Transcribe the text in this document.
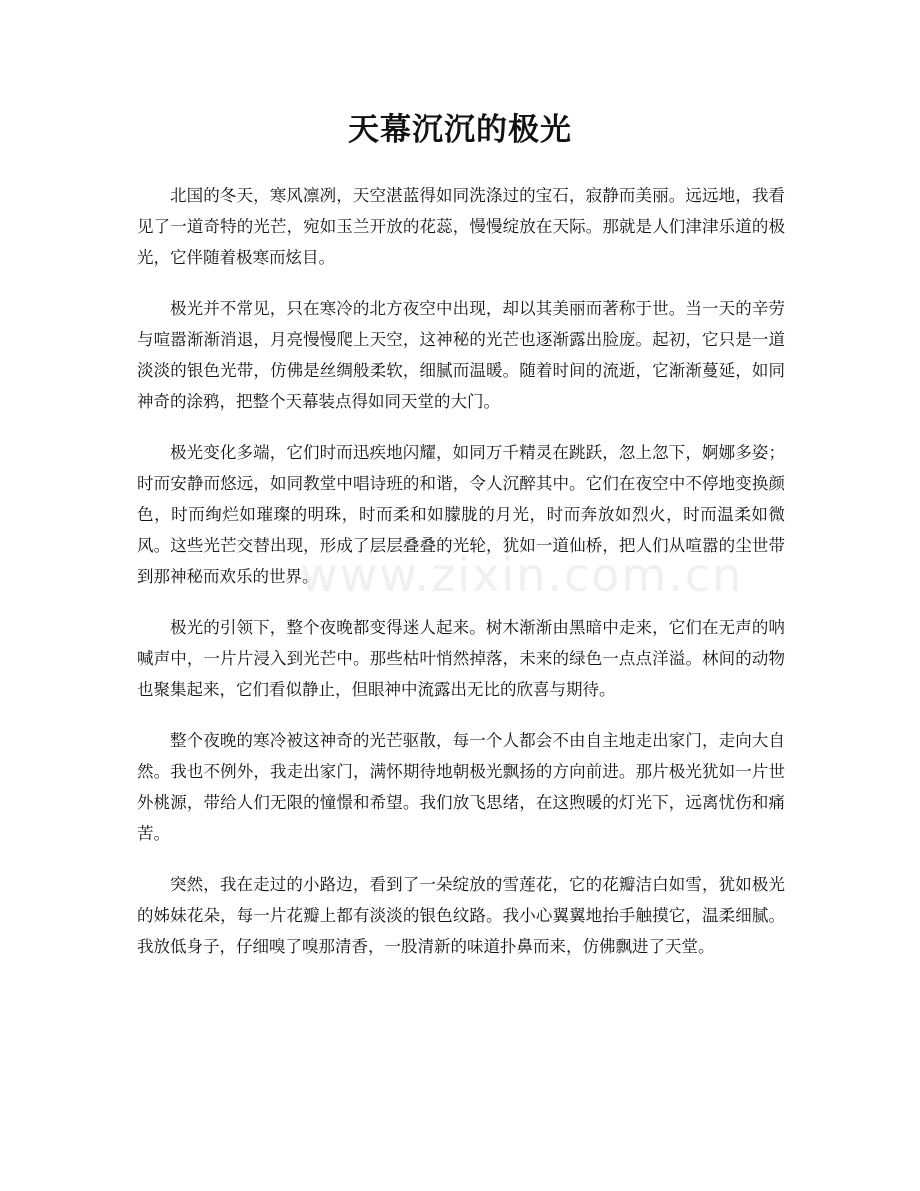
天幕沉沉的极光

北国的冬天，寒风凛冽，天空湛蓝得如同洗涤过的宝石，寂静而美丽。远远地，我看见了一道奇特的光芒，宛如玉兰开放的花蕊，慢慢绽放在天际。那就是人们津津乐道的极光，它伴随着极寒而炫目。

极光并不常见，只在寒冷的北方夜空中出现，却以其美丽而著称于世。当一天的辛劳与喧嚣渐渐消退，月亮慢慢爬上天空，这神秘的光芒也逐渐露出脸庞。起初，它只是一道淡淡的银色光带，仿佛是丝绸般柔软，细腻而温暖。随着时间的流逝，它渐渐蔓延，如同神奇的涂鸦，把整个天幕装点得如同天堂的大门。

极光变化多端，它们时而迅疾地闪耀，如同万千精灵在跳跃，忽上忽下，婀娜多姿；时而安静而悠远，如同教堂中唱诗班的和谐，令人沉醉其中。它们在夜空中不停地变换颜色，时而绚烂如璀璨的明珠，时而柔和如朦胧的月光，时而奔放如烈火，时而温柔如微风。这些光芒交替出现，形成了层层叠叠的光轮，犹如一道仙桥，把人们从喧嚣的尘世带到那神秘而欢乐的世界。

极光的引领下，整个夜晚都变得迷人起来。树木渐渐由黑暗中走来，它们在无声的呐喊声中，一片片浸入到光芒中。那些枯叶悄然掉落，未来的绿色一点点洋溢。林间的动物也聚集起来，它们看似静止，但眼神中流露出无比的欣喜与期待。

整个夜晚的寒冷被这神奇的光芒驱散，每一个人都会不由自主地走出家门，走向大自然。我也不例外，我走出家门，满怀期待地朝极光飘扬的方向前进。那片极光犹如一片世外桃源，带给人们无限的憧憬和希望。我们放飞思绪，在这煦暖的灯光下，远离忧伤和痛苦。

突然，我在走过的小路边，看到了一朵绽放的雪莲花，它的花瓣洁白如雪，犹如极光的姊妹花朵，每一片花瓣上都有淡淡的银色纹路。我小心翼翼地抬手触摸它，温柔细腻。我放低身子，仔细嗅了嗅那清香，一股清新的味道扑鼻而来，仿佛飘进了天堂。

www.zixin.com.cn
